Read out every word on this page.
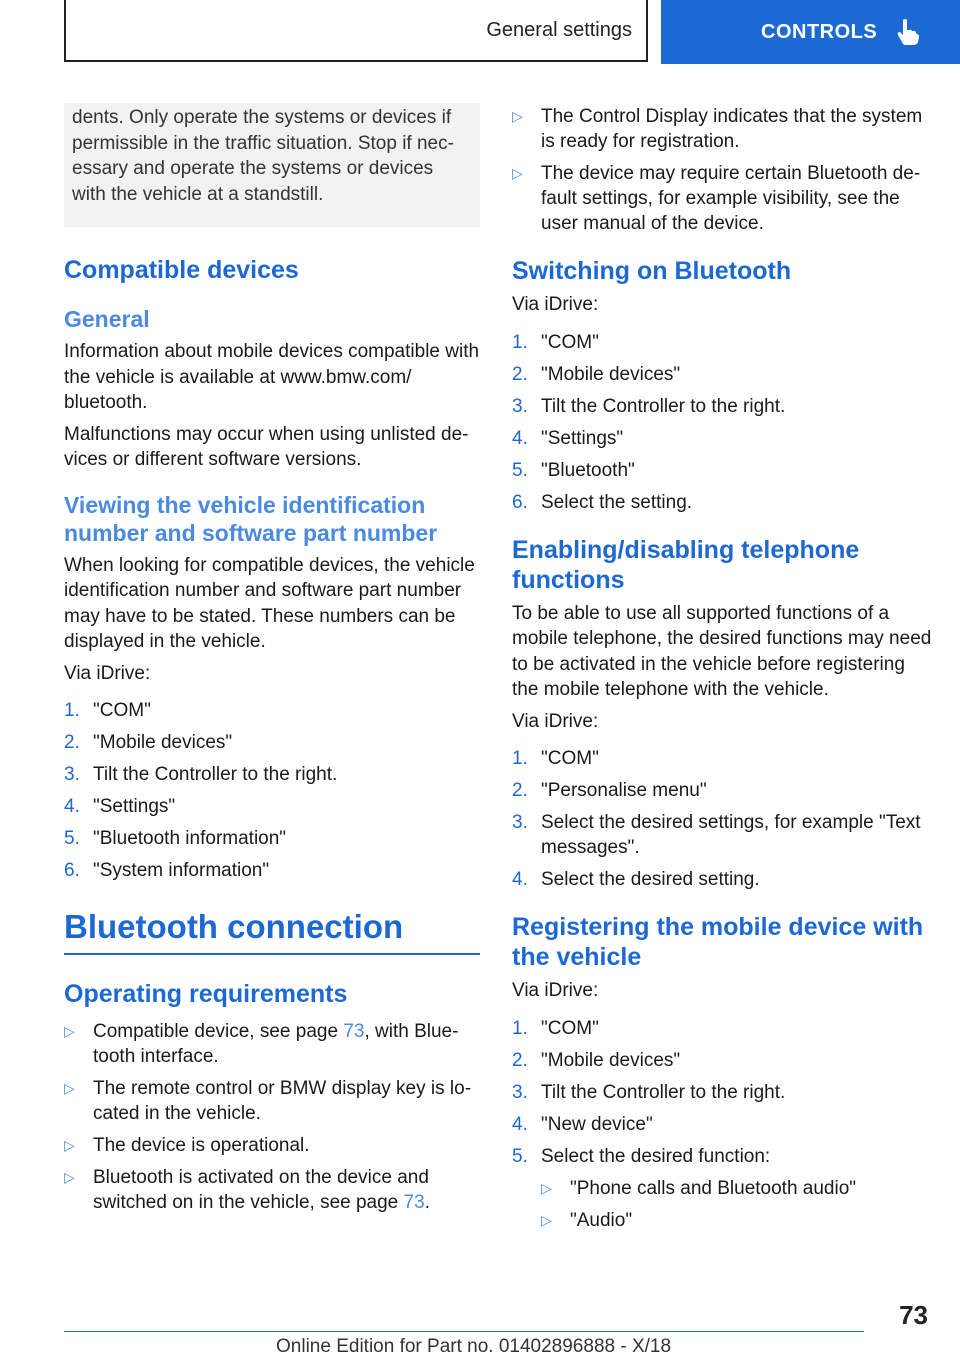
General settings	CONTROLS

dents. Only operate the systems or devices if permissible in the traffic situation. Stop if necessary and operate the systems or devices with the vehicle at a standstill.

Compatible devices
General

Information about mobile devices compatible with the vehicle is available at www.bmw.com/ bluetooth.

Malfunctions may occur when using unlisted devices or different software versions.

Viewing the vehicle identification number and software part number

When looking for compatible devices, the vehicle identification number and software part number may have to be stated. These numbers can be displayed in the vehicle.

Via iDrive:

1. "COM"
2. "Mobile devices"
3. Tilt the Controller to the right.
4. "Settings"
5. "Bluetooth information"
6. "System information"
Bluetooth connection
Operating requirements
▷ Compatible device, see page 73, with Bluetooth interface.
▷ The remote control or BMW display key is located in the vehicle.
▷ The device is operational.
▷ Bluetooth is activated on the device and switched on in the vehicle, see page 73.
▷ The Control Display indicates that the system is ready for registration.
▷ The device may require certain Bluetooth default settings, for example visibility, see the user manual of the device.
Switching on Bluetooth

Via iDrive:

1. "COM"
2. "Mobile devices"
3. Tilt the Controller to the right.
4. "Settings"
5. "Bluetooth"
6. Select the setting.
Enabling/disabling telephone functions

To be able to use all supported functions of a mobile telephone, the desired functions may need to be activated in the vehicle before registering the mobile telephone with the vehicle.

Via iDrive:

1. "COM"
2. "Personalise menu"
3. Select the desired settings, for example "Text messages".
4. Select the desired setting.
Registering the mobile device with the vehicle

Via iDrive:

1. "COM"
2. "Mobile devices"
3. Tilt the Controller to the right.
4. "New device"
5. Select the desired function:
▷ "Phone calls and Bluetooth audio"
▷ "Audio"
73
Online Edition for Part no. 01402896888 - X/18
